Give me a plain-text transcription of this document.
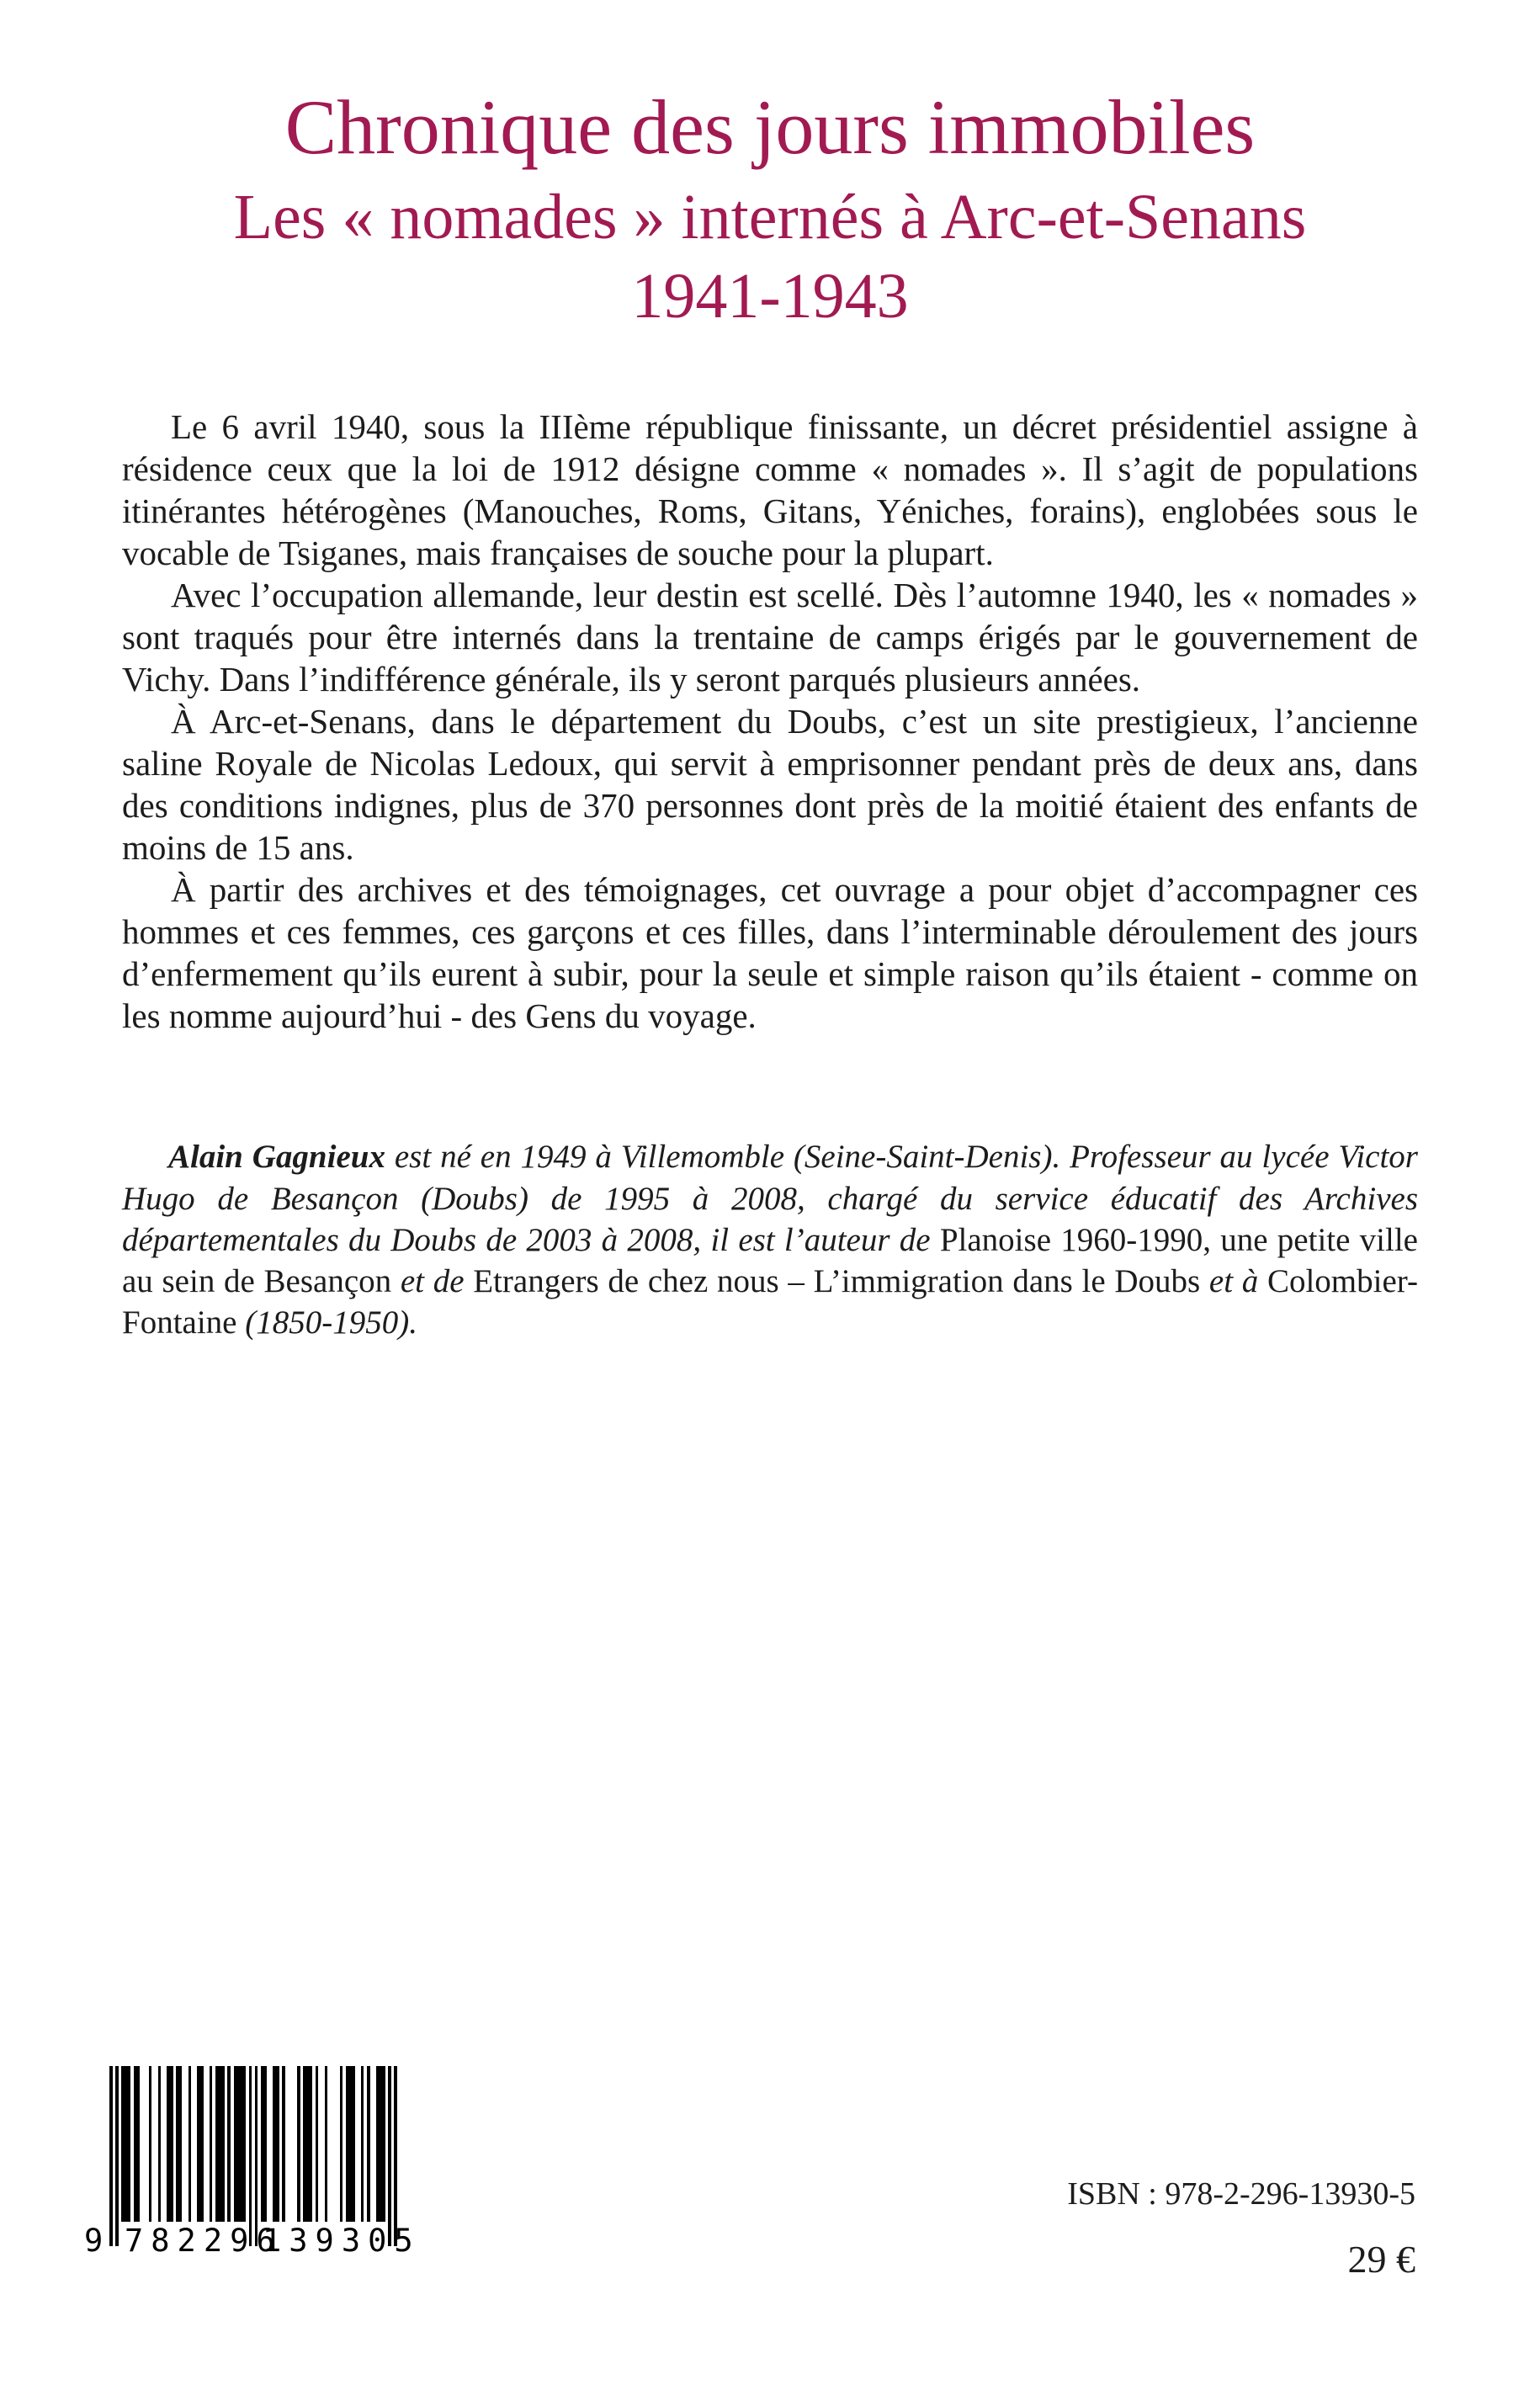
Chronique des jours immobiles
Les « nomades » internés à Arc-et-Senans
1941-1943

Le 6 avril 1940, sous la IIIème république finissante, un décret présidentiel assigne à résidence ceux que la loi de 1912 désigne comme « nomades ». Il s’agit de populations itinérantes hétérogènes (Manouches, Roms, Gitans, Yéniches, forains), englobées sous le vocable de Tsiganes, mais françaises de souche pour la plupart.

Avec l’occupation allemande, leur destin est scellé. Dès l’automne 1940, les « nomades » sont traqués pour être internés dans la trentaine de camps érigés par le gouvernement de Vichy. Dans l’indifférence générale, ils y seront parqués plusieurs années.

À Arc-et-Senans, dans le département du Doubs, c’est un site prestigieux, l’ancienne saline Royale de Nicolas Ledoux, qui servit à emprisonner pendant près de deux ans, dans des conditions indignes, plus de 370 personnes dont près de la moitié étaient des enfants de moins de 15 ans.

À partir des archives et des témoignages, cet ouvrage a pour objet d’accompagner ces hommes et ces femmes, ces garçons et ces filles, dans l’interminable déroulement des jours d’enfermement qu’ils eurent à subir, pour la seule et simple raison qu’ils étaient - comme on les nomme aujourd’hui - des Gens du voyage.

Alain Gagnieux est né en 1949 à Villemomble (Seine-Saint-Denis). Professeur au lycée Victor Hugo de Besançon (Doubs) de 1995 à 2008, chargé du service éducatif des Archives départementales du Doubs de 2003 à 2008, il est l’auteur de Planoise 1960-1990, une petite ville au sein de Besançon et de Etrangers de chez nous – L’immigration dans le Doubs et à Colombier-Fontaine (1850-1950).

9 782296
139305
ISBN : 978-2-296-13930-5
29 €
